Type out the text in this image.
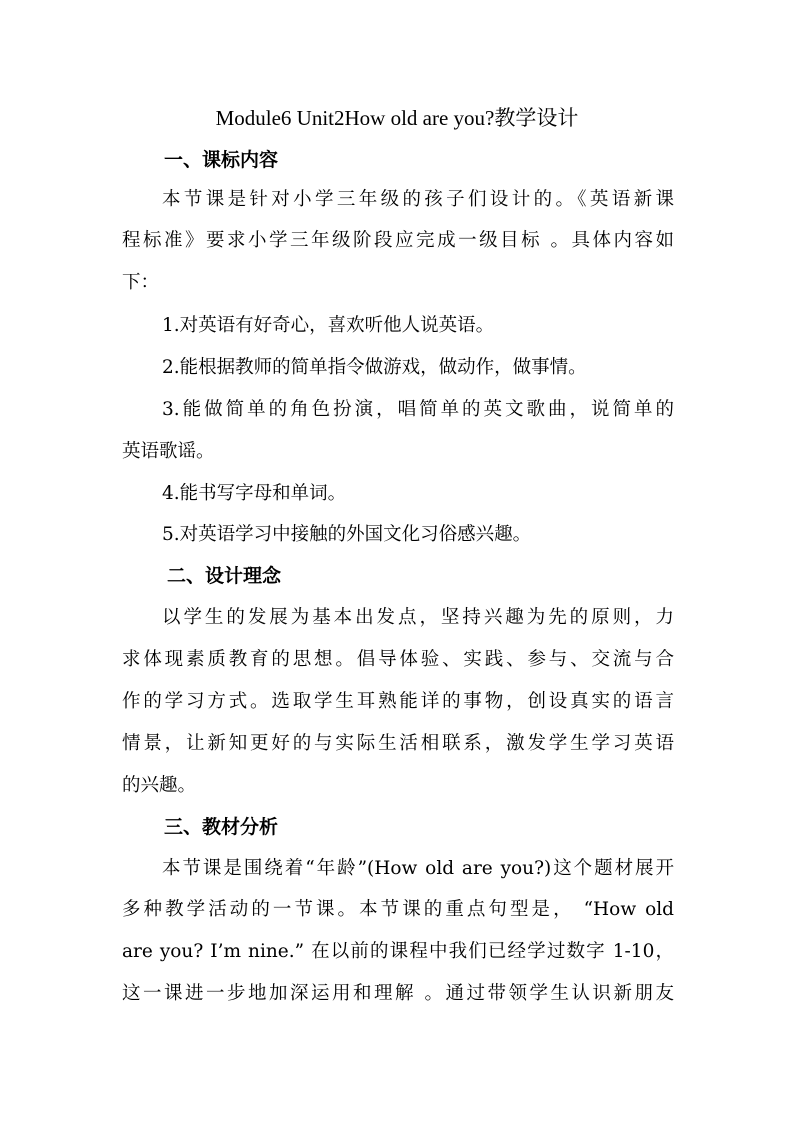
Module6 Unit2How old are you?教学设计
一、课标内容
本节课是针对小学三年级的孩子们设计的。《英语新课
程标准》要求小学三年级阶段应完成一级目标 。具体内容如
下：
1.对英语有好奇心，喜欢听他人说英语。
2.能根据教师的简单指令做游戏，做动作，做事情。
3.能做简单的角色扮演，唱简单的英文歌曲，说简单的
英语歌谣。
4.能书写字母和单词。
5.对英语学习中接触的外国文化习俗感兴趣。
二、设计理念
以学生的发展为基本出发点，坚持兴趣为先的原则，力
求体现素质教育的思想。倡导体验、实践、参与、交流与合
作的学习方式。选取学生耳熟能详的事物，创设真实的语言
情景，让新知更好的与实际生活相联系，激发学生学习英语
的兴趣。
三、教材分析
本节课是围绕着“年龄”(How old are you?)这个题材展开
多种教学活动的一节课。本节课的重点句型是， “How old
are you? I’m nine.” 在以前的课程中我们已经学过数字 1-10，
这一课进一步地加深运用和理解 。通过带领学生认识新朋友
